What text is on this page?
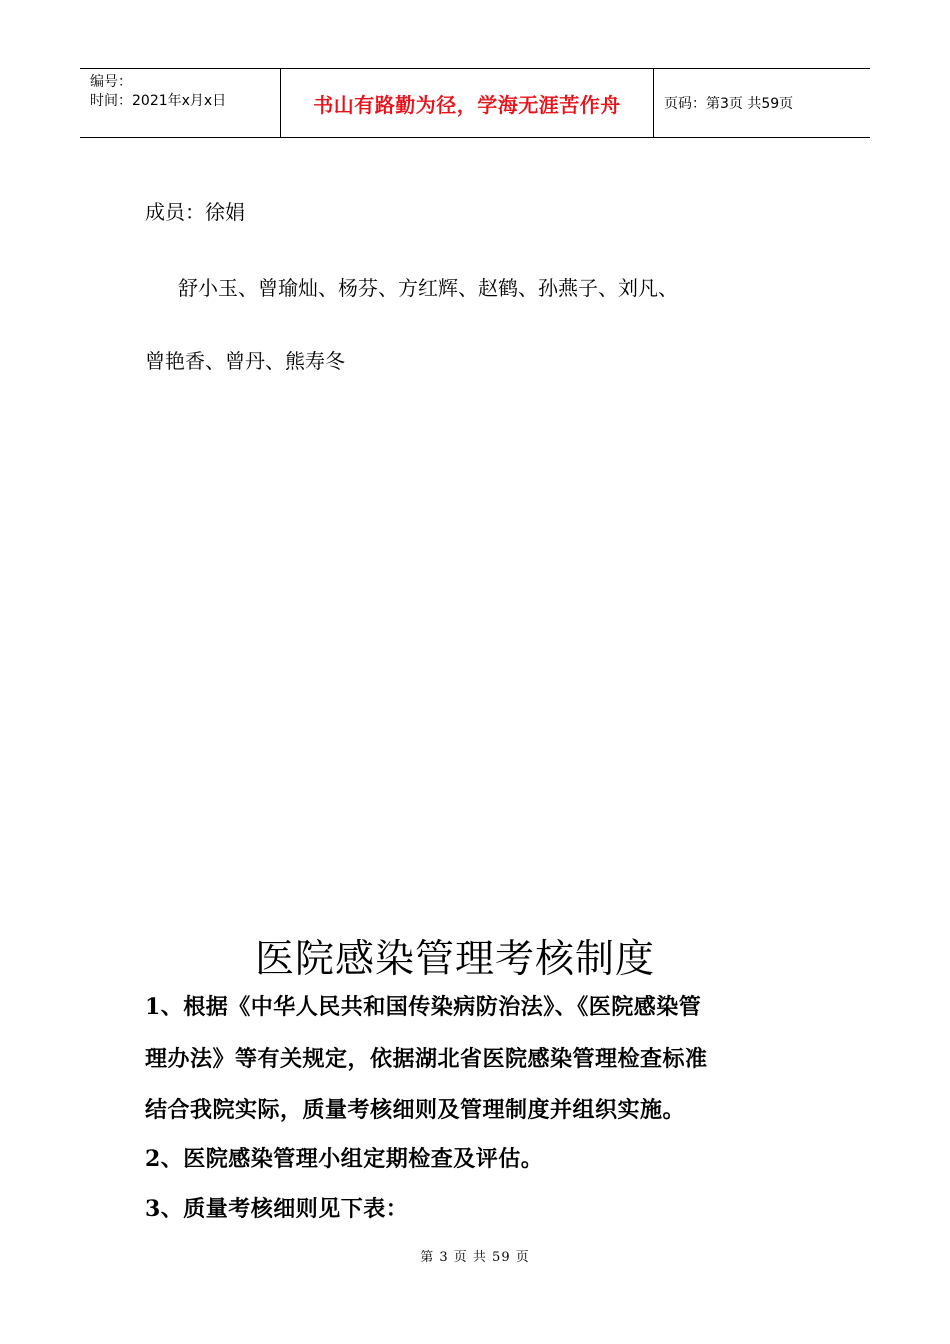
编号：
时间：2021年x月x日	书山有路勤为径，学海无涯苦作舟	页码：第3页 共59页
成员：徐娟
舒小玉、曾瑜灿、杨芬、方红辉、赵鹤、孙燕子、刘凡、
曾艳香、曾丹、熊寿冬
医院感染管理考核制度
1、根据《中华人民共和国传染病防治法》、《医院感染管
理办法》等有关规定，依据湖北省医院感染管理检查标准
结合我院实际，质量考核细则及管理制度并组织实施。
2、医院感染管理小组定期检查及评估。
3、质量考核细则见下表：
第 3 页 共 59 页
